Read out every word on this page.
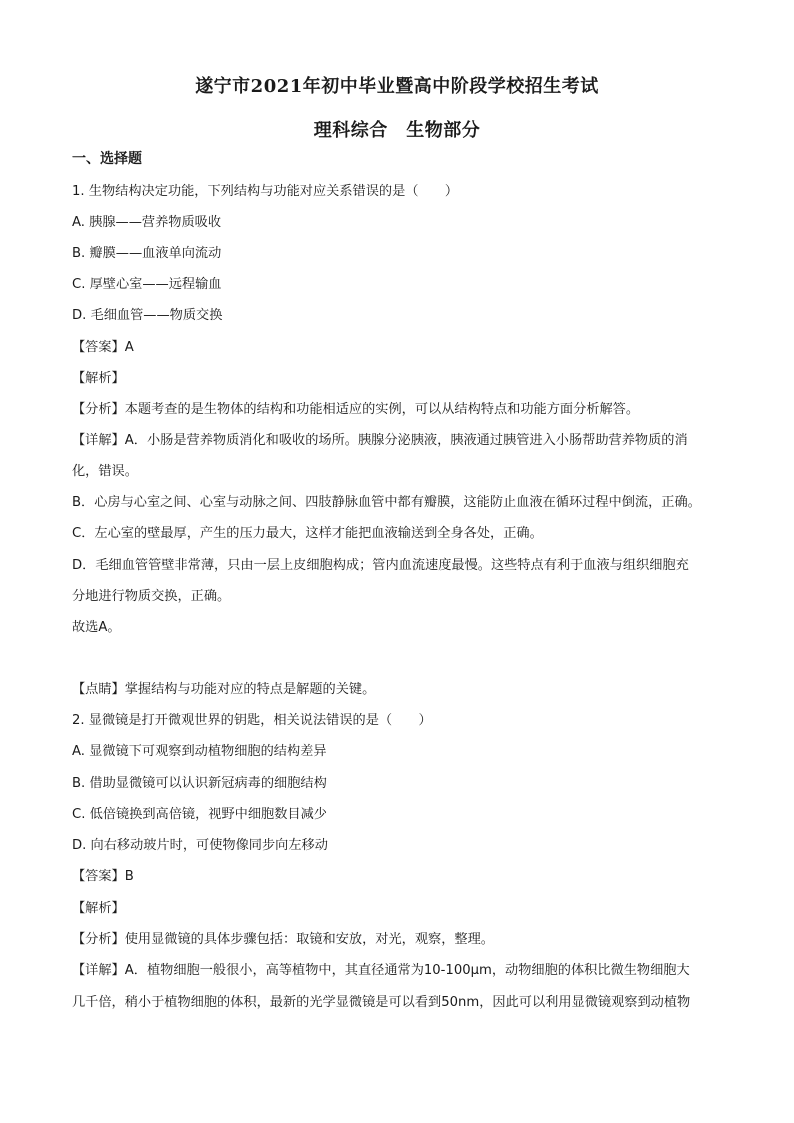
遂宁市2021年初中毕业暨高中阶段学校招生考试
理科综合　生物部分
一、选择题
1. 生物结构决定功能，下列结构与功能对应关系错误的是（　　）
A. 胰腺——营养物质吸收
B. 瓣膜——血液单向流动
C. 厚壁心室——远程输血
D. 毛细血管——物质交换
【答案】A
【解析】
【分析】本题考查的是生物体的结构和功能相适应的实例，可以从结构特点和功能方面分析解答。
【详解】A．小肠是营养物质消化和吸收的场所。胰腺分泌胰液，胰液通过胰管进入小肠帮助营养物质的消
化，错误。
B．心房与心室之间、心室与动脉之间、四肢静脉血管中都有瓣膜，这能防止血液在循环过程中倒流，正确。
C．左心室的壁最厚，产生的压力最大，这样才能把血液输送到全身各处，正确。
D．毛细血管管壁非常薄，只由一层上皮细胞构成；管内血流速度最慢。这些特点有利于血液与组织细胞充
分地进行物质交换，正确。
故选A。
【点睛】掌握结构与功能对应的特点是解题的关键。
2. 显微镜是打开微观世界的钥匙，相关说法错误的是（　　）
A. 显微镜下可观察到动植物细胞的结构差异
B. 借助显微镜可以认识新冠病毒的细胞结构
C. 低倍镜换到高倍镜，视野中细胞数目减少
D. 向右移动玻片时，可使物像同步向左移动
【答案】B
【解析】
【分析】使用显微镜的具体步骤包括：取镜和安放，对光，观察，整理。
【详解】A．植物细胞一般很小，高等植物中，其直径通常为10-100μm，动物细胞的体积比微生物细胞大
几千倍，稍小于植物细胞的体积，最新的光学显微镜是可以看到50nm，因此可以利用显微镜观察到动植物
